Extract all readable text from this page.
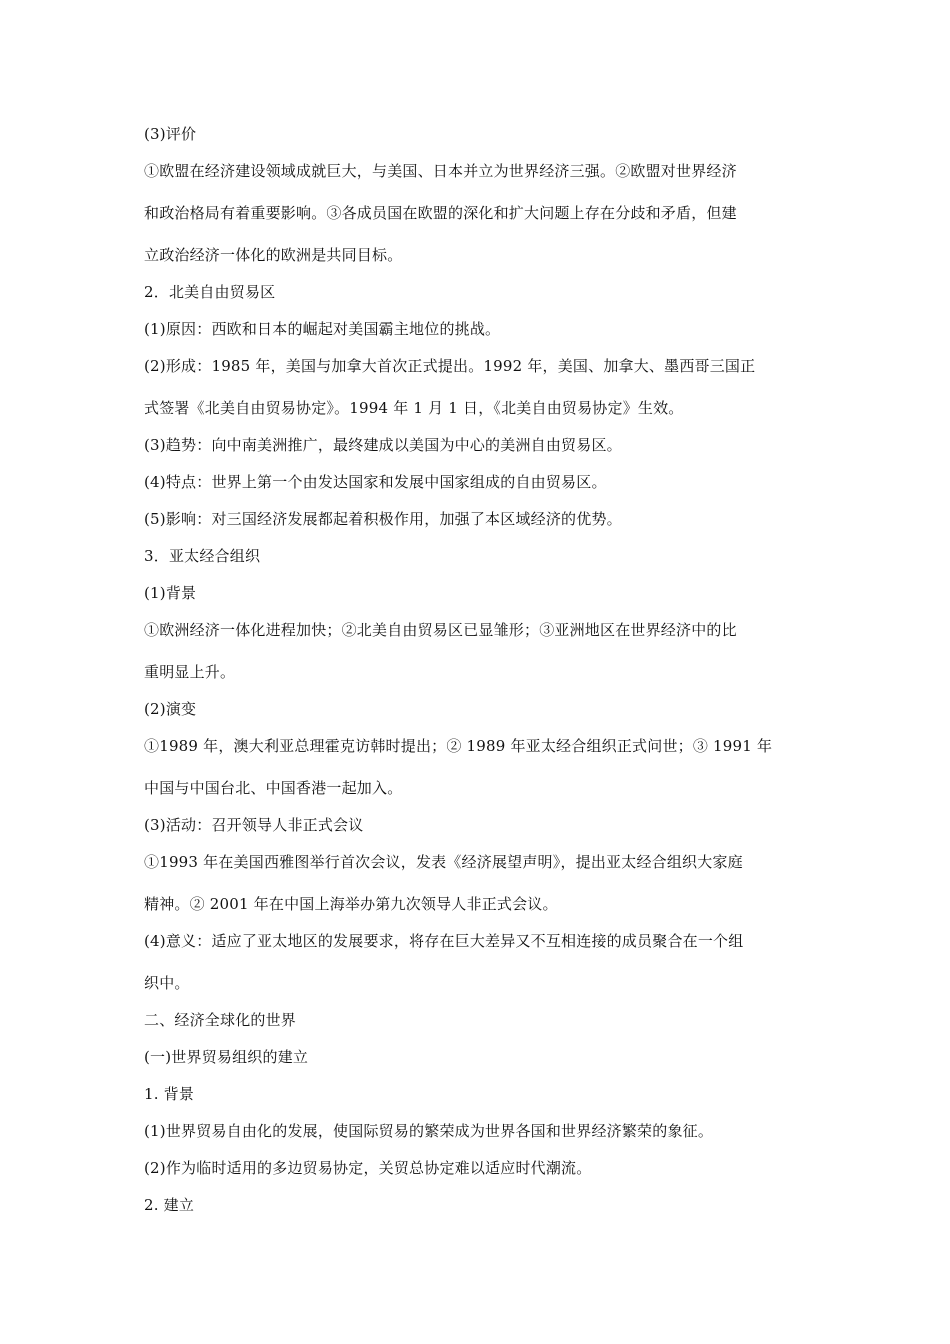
(3)评价
①欧盟在经济建设领域成就巨大，与美国、日本并立为世界经济三强。②欧盟对世界经济
和政治格局有着重要影响。③各成员国在欧盟的深化和扩大问题上存在分歧和矛盾，但建
立政治经济一体化的欧洲是共同目标。
2．北美自由贸易区
(1)原因：西欧和日本的崛起对美国霸主地位的挑战。
(2)形成：1985 年，美国与加拿大首次正式提出。1992 年，美国、加拿大、墨西哥三国正
式签署《北美自由贸易协定》。1994 年 1 月 1 日，《北美自由贸易协定》生效。
(3)趋势：向中南美洲推广，最终建成以美国为中心的美洲自由贸易区。
(4)特点：世界上第一个由发达国家和发展中国家组成的自由贸易区。
(5)影响：对三国经济发展都起着积极作用，加强了本区域经济的优势。
3．亚太经合组织
(1)背景
①欧洲经济一体化进程加快；②北美自由贸易区已显雏形；③亚洲地区在世界经济中的比
重明显上升。
(2)演变
①1989 年，澳大利亚总理霍克访韩时提出；② 1989 年亚太经合组织正式问世；③ 1991 年
中国与中国台北、中国香港一起加入。
(3)活动：召开领导人非正式会议
①1993 年在美国西雅图举行首次会议，发表《经济展望声明》，提出亚太经合组织大家庭
精神。② 2001 年在中国上海举办第九次领导人非正式会议。
(4)意义：适应了亚太地区的发展要求，将存在巨大差异又不互相连接的成员聚合在一个组
织中。
二、经济全球化的世界
(一)世界贸易组织的建立
1. 背景
(1)世界贸易自由化的发展，使国际贸易的繁荣成为世界各国和世界经济繁荣的象征。
(2)作为临时适用的多边贸易协定，关贸总协定难以适应时代潮流。
2. 建立
